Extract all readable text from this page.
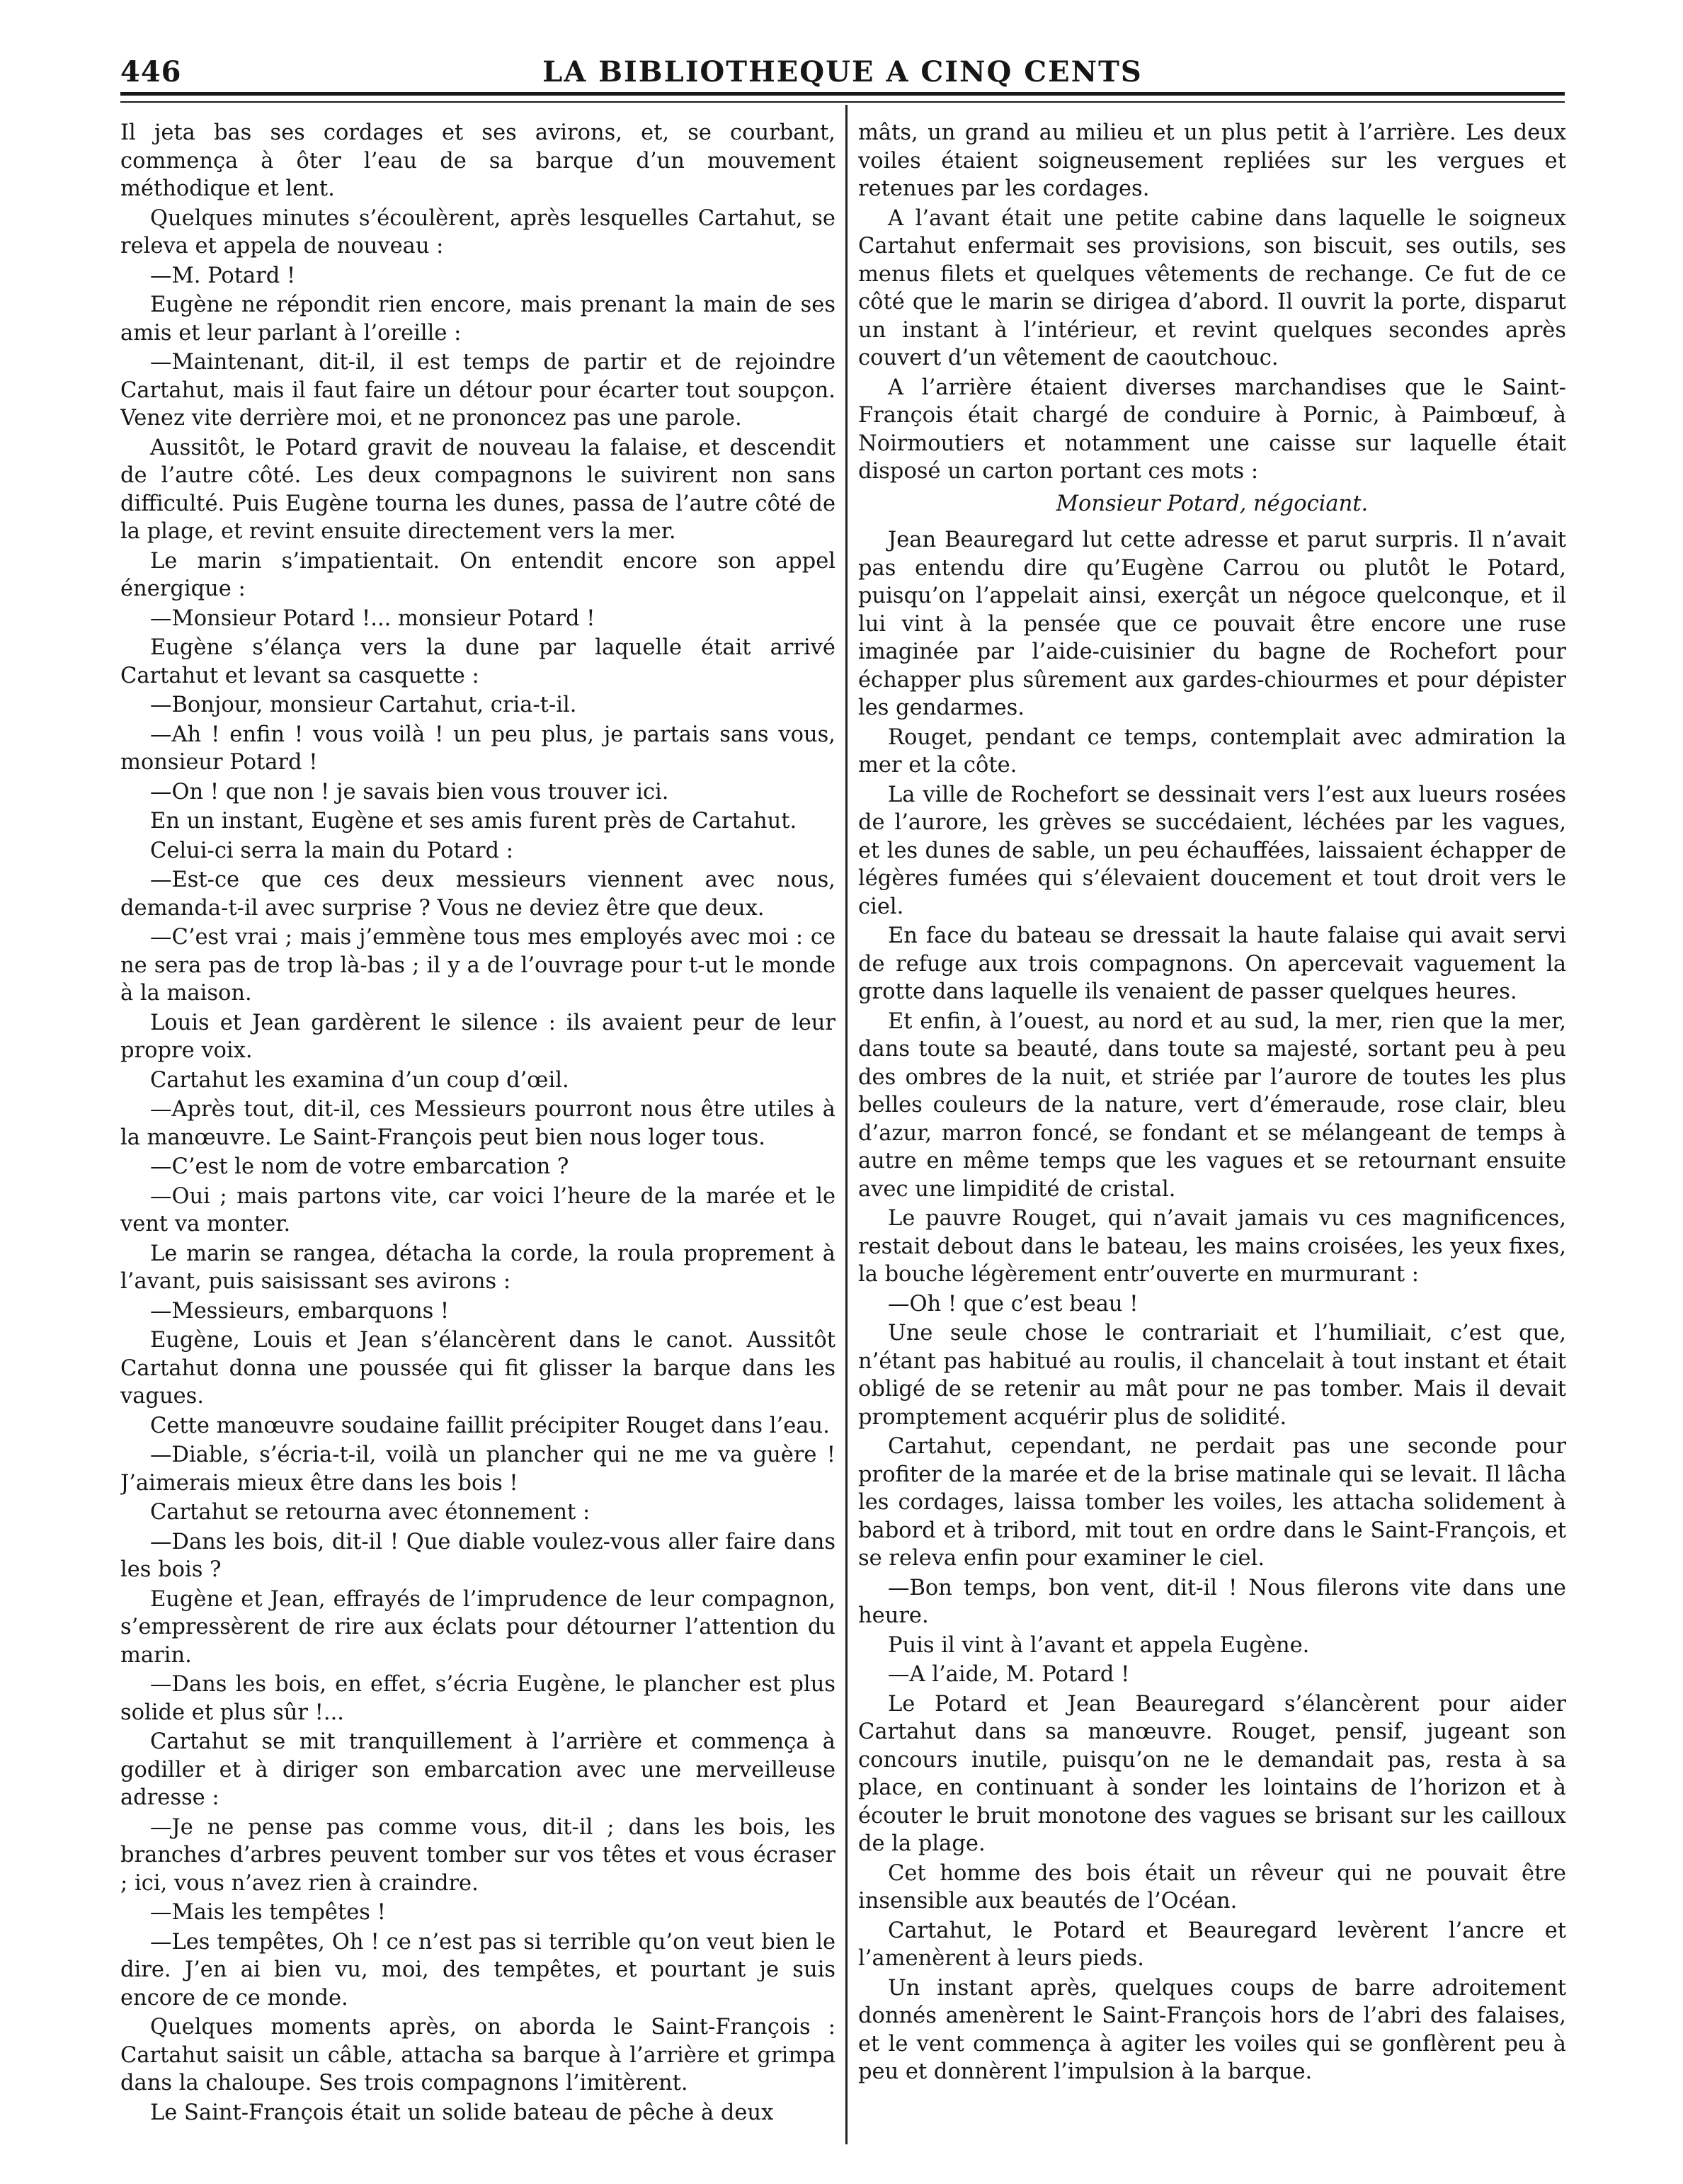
446	LA BIBLIOTHEQUE A CINQ CENTS

Il jeta bas ses cordages et ses avirons, et, se courbant, commença à ôter l’eau de sa barque d’un mouvement méthodique et lent.

Quelques minutes s’écoulèrent, après lesquelles Cartahut, se releva et appela de nouveau :

—M. Potard !

Eugène ne répondit rien encore, mais prenant la main de ses amis et leur parlant à l’oreille :

—Maintenant, dit-il, il est temps de partir et de rejoindre Cartahut, mais il faut faire un détour pour écarter tout soupçon. Venez vite derrière moi, et ne prononcez pas une parole.

Aussitôt, le Potard gravit de nouveau la falaise, et descendit de l’autre côté. Les deux compagnons le suivirent non sans difficulté. Puis Eugène tourna les dunes, passa de l’autre côté de la plage, et revint ensuite directement vers la mer.

Le marin s’impatientait. On entendit encore son appel énergique :

—Monsieur Potard !... monsieur Potard !

Eugène s’élança vers la dune par laquelle était arrivé Cartahut et levant sa casquette :

—Bonjour, monsieur Cartahut, cria-t-il.

—Ah ! enfin ! vous voilà ! un peu plus, je partais sans vous, monsieur Potard !

—On ! que non ! je savais bien vous trouver ici.

En un instant, Eugène et ses amis furent près de Cartahut.

Celui-ci serra la main du Potard :

—Est-ce que ces deux messieurs viennent avec nous, demanda-t-il avec surprise ? Vous ne deviez être que deux.

—C’est vrai ; mais j’emmène tous mes employés avec moi : ce ne sera pas de trop là-bas ; il y a de l’ouvrage pour t-ut le monde à la maison.

Louis et Jean gardèrent le silence : ils avaient peur de leur propre voix.

Cartahut les examina d’un coup d’œil.

—Après tout, dit-il, ces Messieurs pourront nous être utiles à la manœuvre. Le Saint-François peut bien nous loger tous.

—C’est le nom de votre embarcation ?

—Oui ; mais partons vite, car voici l’heure de la marée et le vent va monter.

Le marin se rangea, détacha la corde, la roula proprement à l’avant, puis saisissant ses avirons :

—Messieurs, embarquons !

Eugène, Louis et Jean s’élancèrent dans le canot. Aussitôt Cartahut donna une poussée qui fit glisser la barque dans les vagues.

Cette manœuvre soudaine faillit précipiter Rouget dans l’eau.

—Diable, s’écria-t-il, voilà un plancher qui ne me va guère ! J’aimerais mieux être dans les bois !

Cartahut se retourna avec étonnement :

—Dans les bois, dit-il ! Que diable voulez-vous aller faire dans les bois ?

Eugène et Jean, effrayés de l’imprudence de leur compagnon, s’empressèrent de rire aux éclats pour détourner l’attention du marin.

—Dans les bois, en effet, s’écria Eugène, le plancher est plus solide et plus sûr !...

Cartahut se mit tranquillement à l’arrière et commença à godiller et à diriger son embarcation avec une merveilleuse adresse :

—Je ne pense pas comme vous, dit-il ; dans les bois, les branches d’arbres peuvent tomber sur vos têtes et vous écraser ; ici, vous n’avez rien à craindre.

—Mais les tempêtes !

—Les tempêtes, Oh ! ce n’est pas si terrible qu’on veut bien le dire. J’en ai bien vu, moi, des tempêtes, et pourtant je suis encore de ce monde.

Quelques moments après, on aborda le Saint-François : Cartahut saisit un câble, attacha sa barque à l’arrière et grimpa dans la chaloupe. Ses trois compagnons l’imitèrent.

Le Saint-François était un solide bateau de pêche à deux

mâts, un grand au milieu et un plus petit à l’arrière. Les deux voiles étaient soigneusement repliées sur les vergues et retenues par les cordages.

A l’avant était une petite cabine dans laquelle le soigneux Cartahut enfermait ses provisions, son biscuit, ses outils, ses menus filets et quelques vêtements de rechange. Ce fut de ce côté que le marin se dirigea d’abord. Il ouvrit la porte, disparut un instant à l’intérieur, et revint quelques secondes après couvert d’un vêtement de caoutchouc.

A l’arrière étaient diverses marchandises que le Saint-François était chargé de conduire à Pornic, à Paimbœuf, à Noirmoutiers et notamment une caisse sur laquelle était disposé un carton portant ces mots :

Monsieur Potard, négociant.

Jean Beauregard lut cette adresse et parut surpris. Il n’avait pas entendu dire qu’Eugène Carrou ou plutôt le Potard, puisqu’on l’appelait ainsi, exerçât un négoce quelconque, et il lui vint à la pensée que ce pouvait être encore une ruse imaginée par l’aide-cuisinier du bagne de Rochefort pour échapper plus sûrement aux gardes-chiourmes et pour dépister les gendarmes.

Rouget, pendant ce temps, contemplait avec admiration la mer et la côte.

La ville de Rochefort se dessinait vers l’est aux lueurs rosées de l’aurore, les grèves se succédaient, léchées par les vagues, et les dunes de sable, un peu échauffées, laissaient échapper de légères fumées qui s’élevaient doucement et tout droit vers le ciel.

En face du bateau se dressait la haute falaise qui avait servi de refuge aux trois compagnons. On apercevait vaguement la grotte dans laquelle ils venaient de passer quelques heures.

Et enfin, à l’ouest, au nord et au sud, la mer, rien que la mer, dans toute sa beauté, dans toute sa majesté, sortant peu à peu des ombres de la nuit, et striée par l’aurore de toutes les plus belles couleurs de la nature, vert d’émeraude, rose clair, bleu d’azur, marron foncé, se fondant et se mélangeant de temps à autre en même temps que les vagues et se retournant ensuite avec une limpidité de cristal.

Le pauvre Rouget, qui n’avait jamais vu ces magnificences, restait debout dans le bateau, les mains croisées, les yeux fixes, la bouche légèrement entr’ouverte en murmurant :

—Oh ! que c’est beau !

Une seule chose le contrariait et l’humiliait, c’est que, n’étant pas habitué au roulis, il chancelait à tout instant et était obligé de se retenir au mât pour ne pas tomber. Mais il devait promptement acquérir plus de solidité.

Cartahut, cependant, ne perdait pas une seconde pour profiter de la marée et de la brise matinale qui se levait. Il lâcha les cordages, laissa tomber les voiles, les attacha solidement à babord et à tribord, mit tout en ordre dans le Saint-François, et se releva enfin pour examiner le ciel.

—Bon temps, bon vent, dit-il ! Nous filerons vite dans une heure.

Puis il vint à l’avant et appela Eugène.

—A l’aide, M. Potard !

Le Potard et Jean Beauregard s’élancèrent pour aider Cartahut dans sa manœuvre. Rouget, pensif, jugeant son concours inutile, puisqu’on ne le demandait pas, resta à sa place, en continuant à sonder les lointains de l’horizon et à écouter le bruit monotone des vagues se brisant sur les cailloux de la plage.

Cet homme des bois était un rêveur qui ne pouvait être insensible aux beautés de l’Océan.

Cartahut, le Potard et Beauregard levèrent l’ancre et l’amenèrent à leurs pieds.

Un instant après, quelques coups de barre adroitement donnés amenèrent le Saint-François hors de l’abri des falaises, et le vent commença à agiter les voiles qui se gonflèrent peu à peu et donnèrent l’impulsion à la barque.
